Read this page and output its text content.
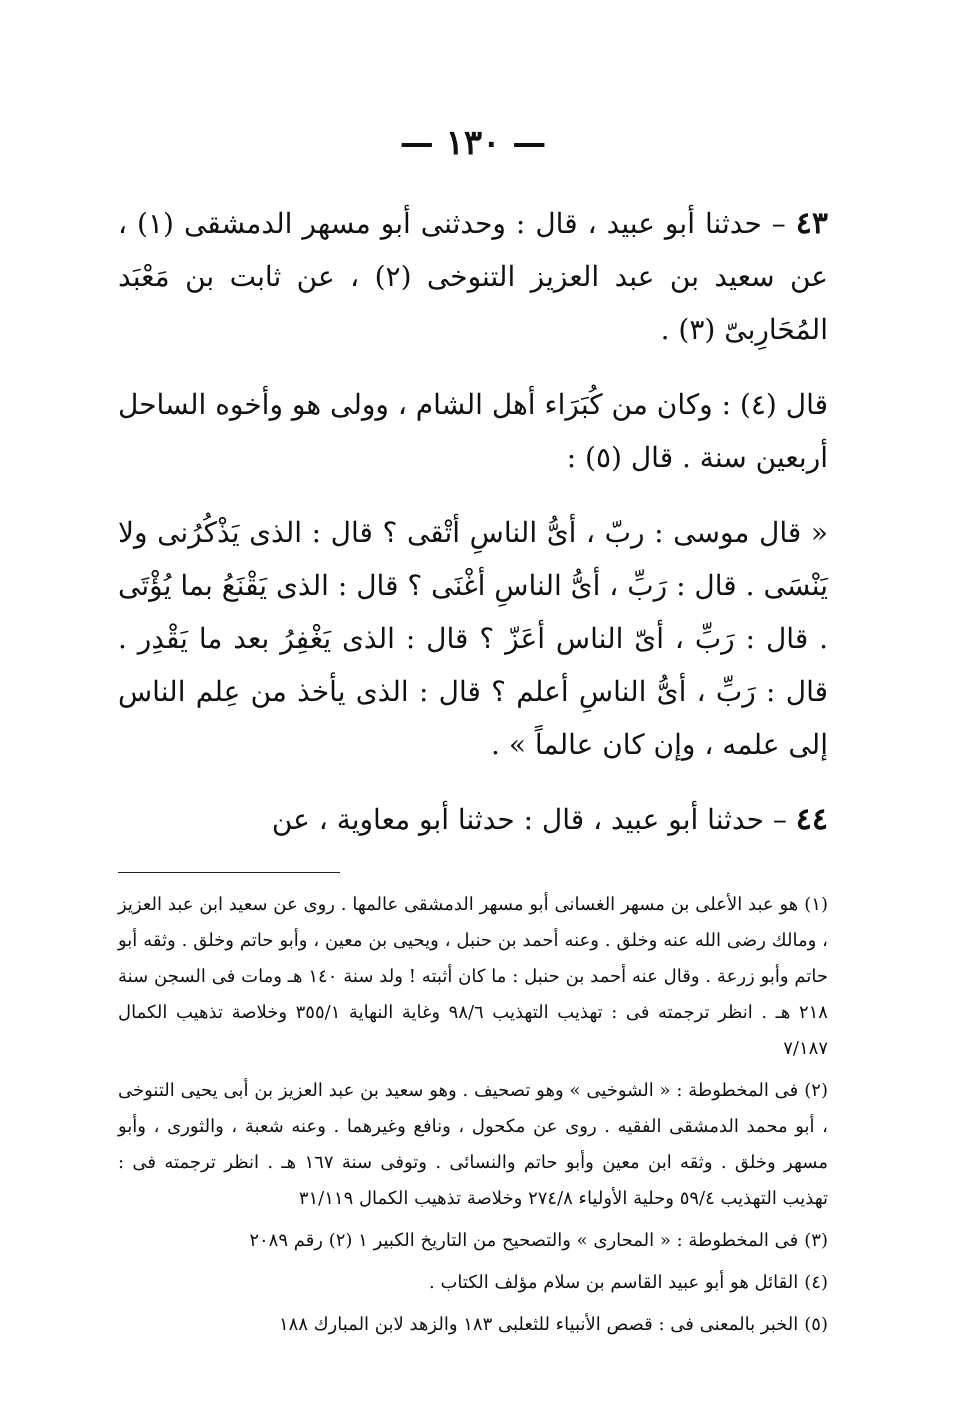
— ١٣٠ —

٤٣ – حدثنا أبو عبيد ، قال : وحدثنى أبو مسهر الدمشقى (١) ، عن سعيد بن عبد العزيز التنوخى (٢) ، عن ثابت بن مَعْبَد المُحَارِبىّ (٣) .

قال (٤) : وكان من كُبَرَاء أهل الشام ، وولى هو وأخوه الساحل أربعين سنة . قال (٥) :

« قال موسى : ربّ ، أىُّ الناسِ أتْقى ؟ قال : الذى يَذْكُرُنى ولا يَنْسَى . قال : رَبِّ ، أىُّ الناسِ أغْنَى ؟ قال : الذى يَقْنَعُ بما يُؤْتَى . قال : رَبِّ ، أىّ الناس أعَزّ ؟ قال : الذى يَغْفِرُ بعد ما يَقْدِر . قال : رَبِّ ، أىُّ الناسِ أعلم ؟ قال : الذى يأخذ من عِلم الناس إلى علمه ، وإن كان عالماً » .

٤٤ – حدثنا أبو عبيد ، قال : حدثنا أبو معاوية ، عن

(١)هو عبد الأعلى بن مسهر الغسانى أبو مسهر الدمشقى عالمها . روى عن سعيد ابن عبد العزيز ، ومالك رضى الله عنه وخلق . وعنه أحمد بن حنبل ، ويحيى بن معين ، وأبو حاتم وخلق . وثقه أبو حاتم وأبو زرعة . وقال عنه أحمد بن حنبل : ما كان أثبته ! ولد سنة ١٤٠ هـ ومات فى السجن سنة ٢١٨ هـ . انظر ترجمته فى : تهذيب التهذيب ٩٨/٦ وغاية النهاية ٣٥٥/١ وخلاصة تذهيب الكمال ٧/١٨٧

(٢)فى المخطوطة : « الشوخيى » وهو تصحيف . وهو سعيد بن عبد العزيز بن أبى يحيى التنوخى ، أبو محمد الدمشقى الفقيه . روى عن مكحول ، ونافع وغيرهما . وعنه شعبة ، والثورى ، وأبو مسهر وخلق . وثقه ابن معين وأبو حاتم والنسائى . وتوفى سنة ١٦٧ هـ . انظر ترجمته فى : تهذيب التهذيب ٥٩/٤ وحلية الأولياء ٢٧٤/٨ وخلاصة تذهيب الكمال ٣١/١١٩

(٣)فى المخطوطة : « المحارى » والتصحيح من التاريخ الكبير ١ (٢) رقم ٢٠٨٩

(٤)القائل هو أبو عبيد القاسم بن سلام مؤلف الكتاب .

(٥)الخبر بالمعنى فى : قصص الأنبياء للثعلبى ١٨٣ والزهد لابن المبارك ١٨٨
